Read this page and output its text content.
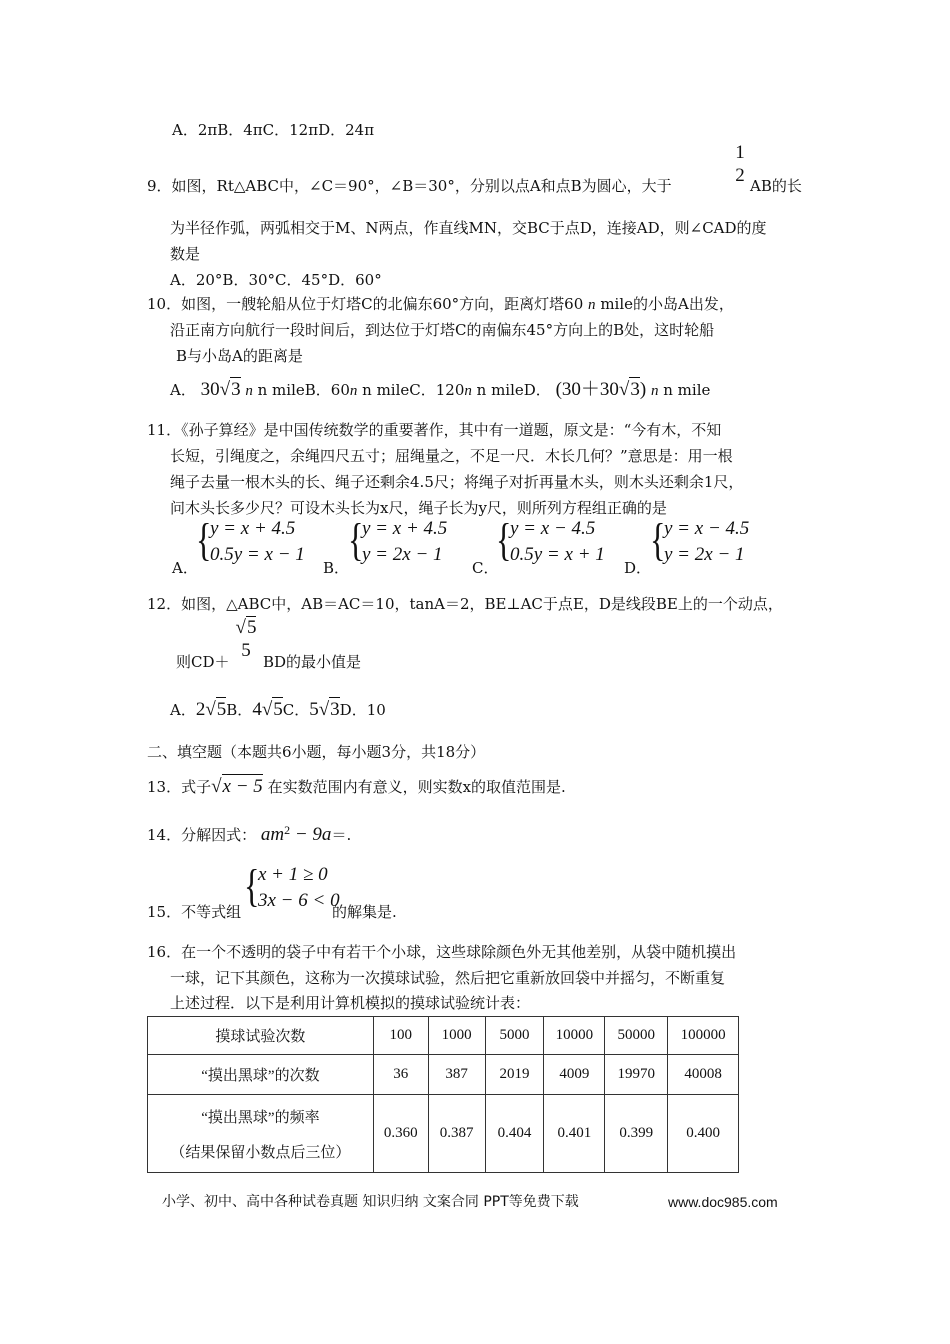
A．2πB．4πC．12πD．24π
9．如图，Rt△ABC中，∠C＝90°，∠B＝30°，分别以点A和点B为圆心，大于
1
2 AB的长
为半径作弧，两弧相交于M、N两点，作直线MN，交BC于点D，连接AD，则∠CAD的度
数是
A．20°B．30°C．45°D．60°
10．如图，一艘轮船从位于灯塔C的北偏东60°方向，距离灯塔60 n mile的小岛A出发，
沿正南方向航行一段时间后，到达位于灯塔C的南偏东45°方向上的B处，这时轮船
B与小岛A的距离是
A． 30√3 n n mileB．60n n mileC．120n n mileD． (30＋30√3) n n mile
11．《孙子算经》是中国传统数学的重要著作，其中有一道题，原文是：“今有木，不知
长短，引绳度之，余绳四尺五寸；屈绳量之，不足一尺．木长几何？”意思是：用一根
绳子去量一根木头的长、绳子还剩余4.5尺；将绳子对折再量木头，则木头还剩余1尺，
问木头长多少尺？可设木头长为x尺，绳子长为y尺，则所列方程组正确的是
A．
{
y = x + 4.5
0.5y = x − 1
B．
{
y = x + 4.5
y = 2x − 1
C．
{
y = x − 4.5
0.5y = x + 1
D．
{
y = x − 4.5
y = 2x − 1
12．如图，△ABC中，AB＝AC＝10，tanA＝2，BE⊥AC于点E，D是线段BE上的一个动点，
√5
5
则CD＋ BD的最小值是
A．2√5B．4√5C．5√3D．10
二、填空题（本题共6小题，每小题3分，共18分）
13．式子√x − 5 在实数范围内有意义，则实数x的取值范围是.
14．分解因式： $am^2 - 9a=$.
15．不等式组
{
x + 1 ≥ 0
3x − 6 < 0
的解集是.
16．在一个不透明的袋子中有若干个小球，这些球除颜色外无其他差别，从袋中随机摸出
一球，记下其颜色，这称为一次摸球试验，然后把它重新放回袋中并摇匀，不断重复
上述过程．以下是利用计算机模拟的摸球试验统计表：
摸球试验次数	100	1000	5000	10000	50000	100000
“摸出黑球”的次数	36	387	2019	4009	19970	40008

“摸出黑球”的频率
（结果保留小数点后三位）	0.360	0.387	0.404	0.401	0.399	0.400
小学、初中、高中各种试卷真题 知识归纳 文案合同 PPT等免费下载	www.doc985.com
